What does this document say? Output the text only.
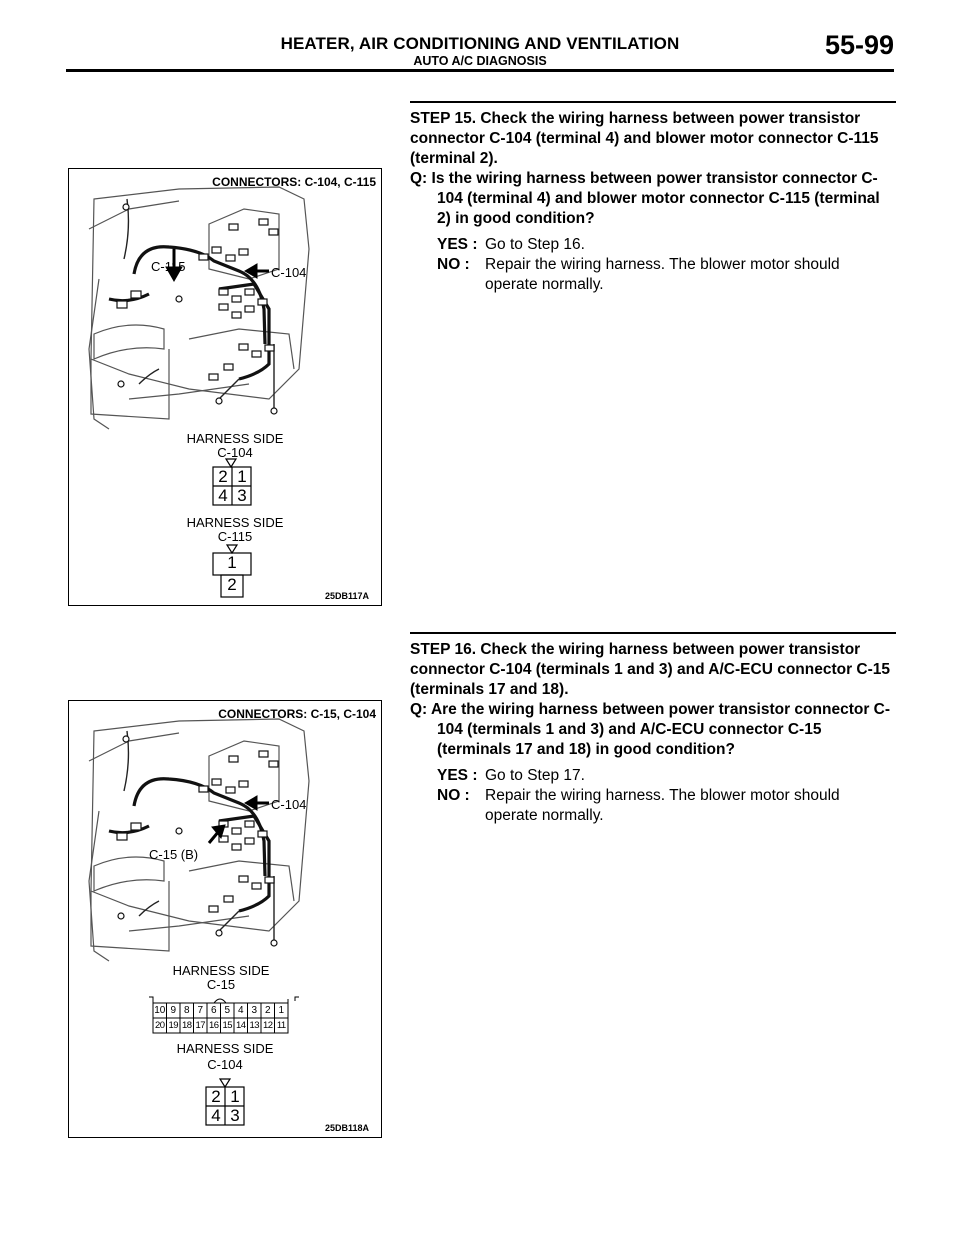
HEATER, AIR CONDITIONING AND VENTILATION
AUTO A/C DIAGNOSIS
55-99
CONNECTORS: C-104, C-115
C-115	C-104
HARNESS SIDE
C-104
2 1
4 3
HARNESS SIDE
C-115
1
2
25DB117A
CONNECTORS: C-15, C-104
C-104
C-15 (B)
HARNESS SIDE
C-15
10 9 8 7 6 5 4 3 2 1
20 19 18 17 16 15 14 13 12 11
HARNESS SIDE
C-104
2 1
4 3
25DB118A
STEP 15. Check the wiring harness between power transistor connector C-104 (terminal 4) and blower motor connector C-115 (terminal 2).
Q: Is the wiring harness between power transistor connector C-104 (terminal 4) and blower motor connector C-115 (terminal 2) in good condition?
YES : Go to Step 16.
NO : Repair the wiring harness. The blower motor should operate normally.
STEP 16. Check the wiring harness between power transistor connector C-104 (terminals 1 and 3) and A/C-ECU connector C-15 (terminals 17 and 18).
Q: Are the wiring harness between power transistor connector C-104 (terminals 1 and 3) and A/C-ECU connector C-15 (terminals 17 and 18) in good condition?
YES : Go to Step 17.
NO : Repair the wiring harness. The blower motor should operate normally.
